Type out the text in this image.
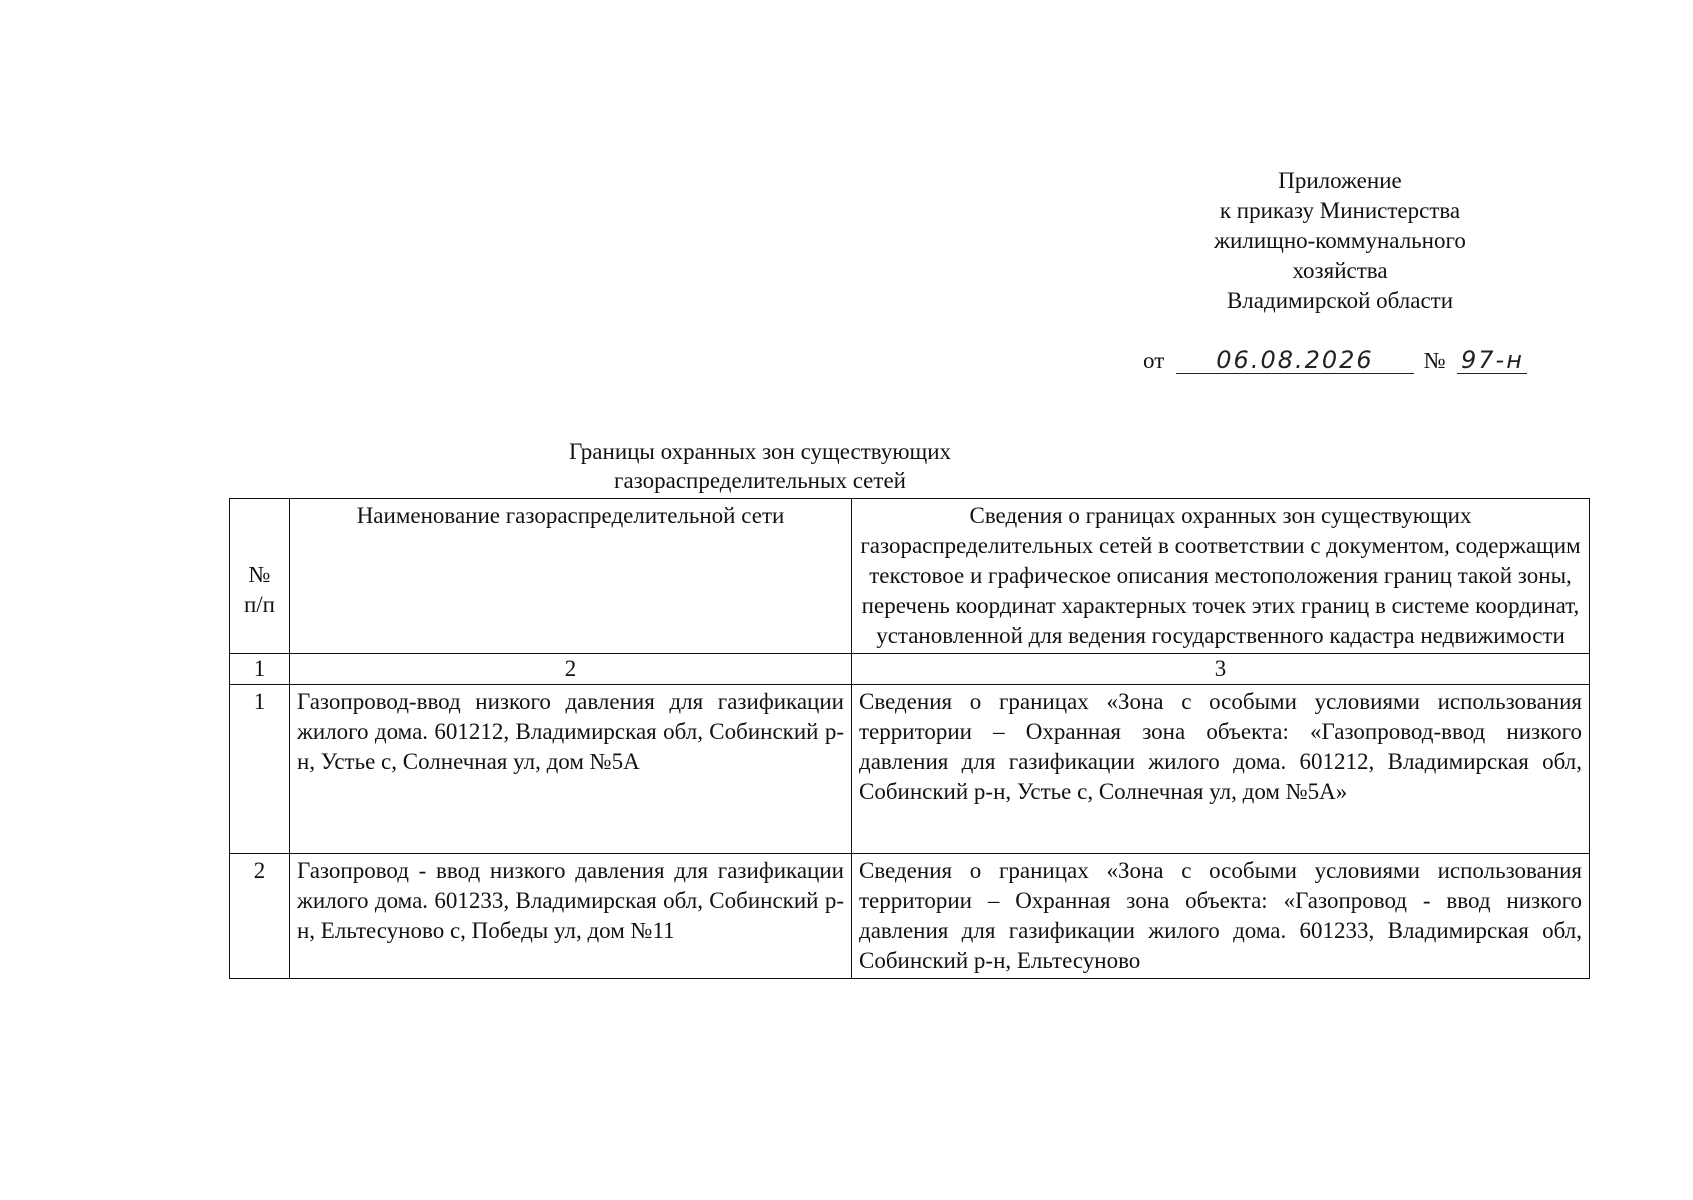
Приложение
к приказу Министерства
жилищно-коммунального
хозяйства
Владимирской области
от 06.08.2026 № 97-н
Границы охранных зон существующих
газораспределительных сетей
№ п/п	Наименование газораспределительной сети	Сведения о границах охранных зон существующих газораспределительных сетей в соответствии с документом, содержащим текстовое и графическое описания местоположения границ такой зоны, перечень координат характерных точек этих границ в системе координат, установленной для ведения государственного кадастра недвижимости
1	2	3
1	Газопровод-ввод низкого давления для газификации жилого дома. 601212, Владимирская обл, Собинский р-н, Устье с, Солнечная ул, дом №5А	Сведения о границах «Зона с особыми условиями использования территории – Охранная зона объекта: «Газопровод-ввод низкого давления для газификации жилого дома. 601212, Владимирская обл, Собинский р-н, Устье с, Солнечная ул, дом №5А»
2	Газопровод - ввод низкого давления для газификации жилого дома. 601233, Владимирская обл, Собинский р-н, Ельтесуново с, Победы ул, дом №11	Сведения о границах «Зона с особыми условиями использования территории – Охранная зона объекта: «Газопровод - ввод низкого давления для газификации жилого дома. 601233, Владимирская обл, Собинский р-н, Ельтесуново
